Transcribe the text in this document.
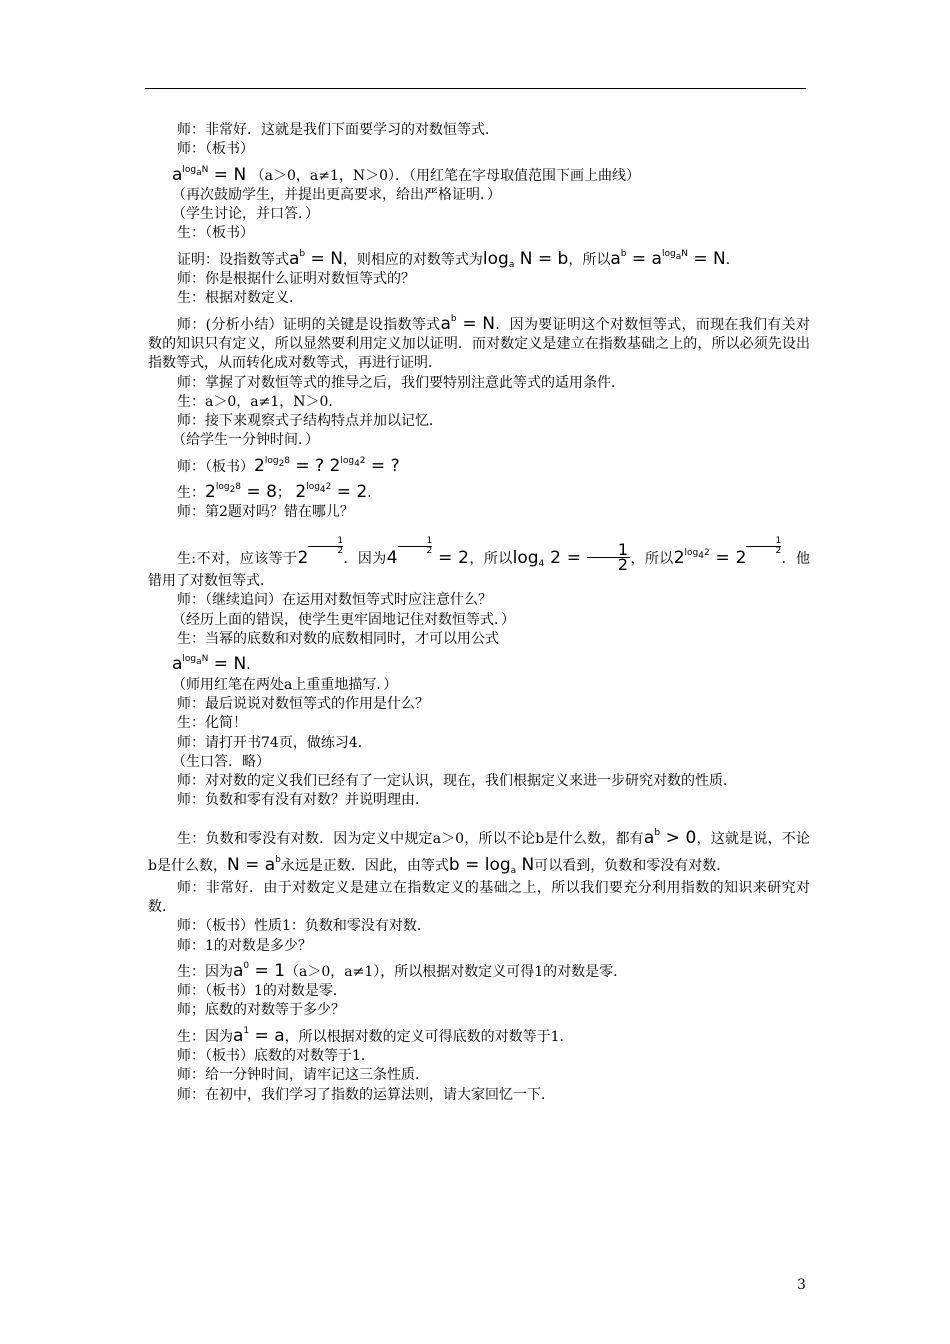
师：非常好．这就是我们下面要学习的对数恒等式．
师：（板书）
$a^{log_aN} = N$ （a＞0，a≠1，N＞0）．（用红笔在字母取值范围下画上曲线）
（再次鼓励学生，并提出更高要求，给出严格证明．）
（学生讨论，并口答．）
生：（板书）
证明：设指数等式$a^b = N$，则相应的对数等式为$\log_a N = b$，所以$a^b = a^{log_aN} = N$．
师：你是根据什么证明对数恒等式的？
生：根据对数定义．
师：(分析小结）证明的关键是设指数等式$a^b = N$．因为要证明这个对数恒等式，而现在我们有关对数的知识只有定义，所以显然要利用定义加以证明．而对数定义是建立在指数基础之上的，所以必须先设出指数等式，从而转化成对数等式，再进行证明．
师：掌握了对数恒等式的推导之后，我们要特别注意此等式的适用条件．
生：a＞0，a≠1，N＞0．
师：接下来观察式子结构特点并加以记忆．
（给学生一分钟时间．）
师：（板书）$2^{log_28}$ = ? $2^{log_42}$ = ?
生：$2^{log_28} = 8$； $2^{log_42} = 2$．
师：第2题对吗？错在哪儿？
生:不对，应该等于2
$\frac{1}{2}$
．因为4
$\frac{1}{2}$
= 2，所以$\log_4 2 = \frac{1}{2}$ ，所以$2^{log_42} = 2$
$\frac{1}{2}$
．他错用了对数恒等式．
师：（继续追问）在运用对数恒等式时应注意什么？
（经历上面的错误，使学生更牢固地记住对数恒等式．）
生：当幂的底数和对数的底数相同时，才可以用公式
$a^{log_aN} = N$．
（师用红笔在两处a上重重地描写．）
师：最后说说对数恒等式的作用是什么？
生：化简！
师：请打开书74页，做练习4．
（生口答．略）
师：对对数的定义我们已经有了一定认识，现在，我们根据定义来进一步研究对数的性质．
师：负数和零有没有对数？并说明理由．
生：负数和零没有对数．因为定义中规定a＞0，所以不论b是什么数，都有$a^b > 0$，这就是说，不论b是什么数，$N = a^b$永远是正数．因此，由等式$b = \log_a N$可以看到，负数和零没有对数．
师：非常好．由于对数定义是建立在指数定义的基础之上，所以我们要充分利用指数的知识来研究对数．
师：（板书）性质1：负数和零没有对数．
师：1的对数是多少？
生：因为$a^0 = 1(a>0$，a≠1），所以根据对数定义可得1的对数是零．
师：（板书）1的对数是零．
师；底数的对数等于多少？
生：因为$a^1 = a$，所以根据对数的定义可得底数的对数等于1．
师：（板书）底数的对数等于1．
师：给一分钟时间，请牢记这三条性质．
师：在初中，我们学习了指数的运算法则，请大家回忆一下．
3
